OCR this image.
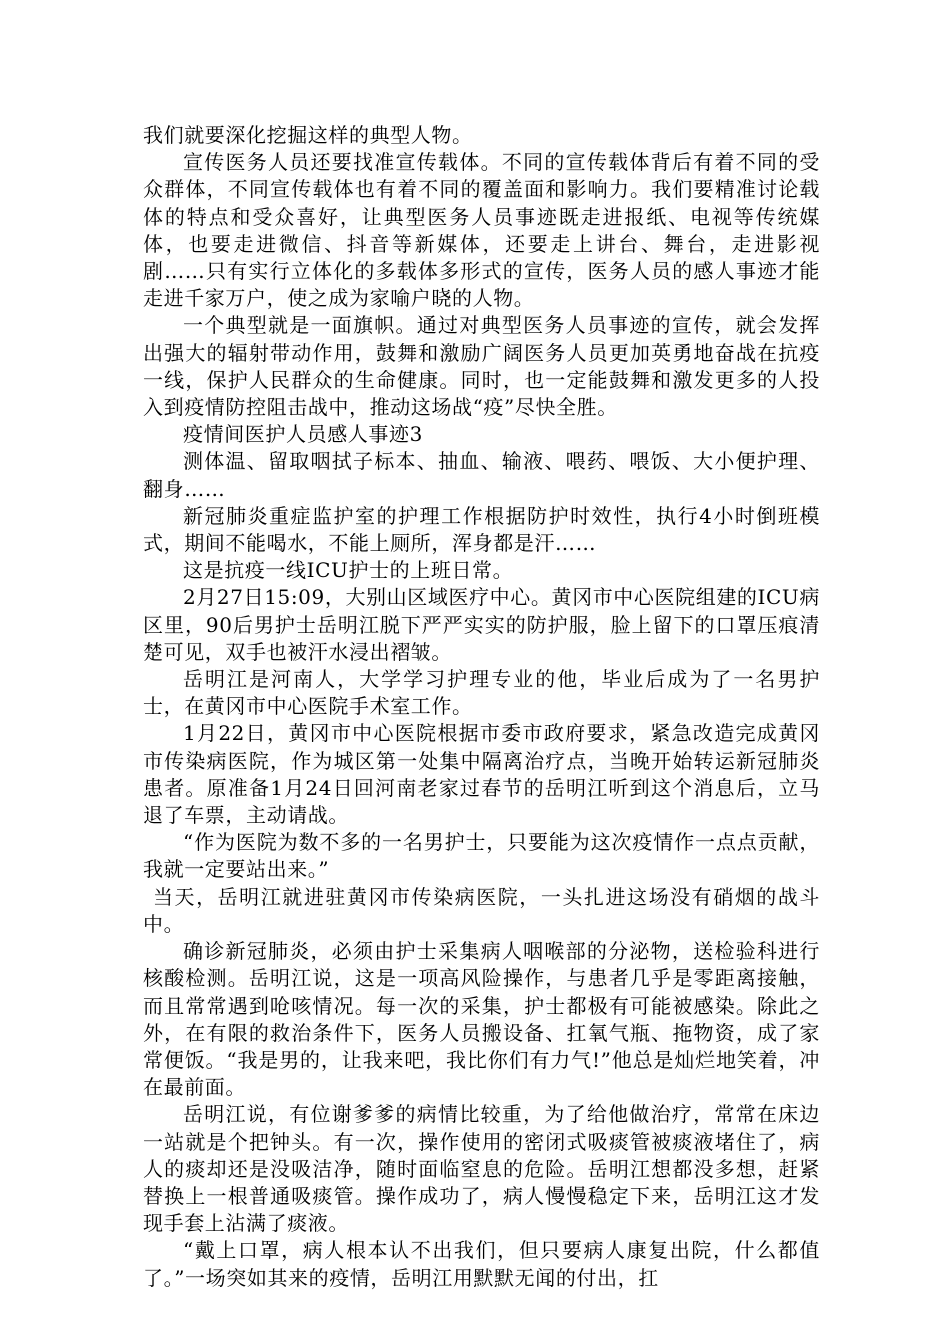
我们就要深化挖掘这样的典型人物。

宣传医务人员还要找准宣传载体。不同的宣传载体背后有着不同的受众群体，不同宣传载体也有着不同的覆盖面和影响力。我们要精准讨论载体的特点和受众喜好，让典型医务人员事迹既走进报纸、电视等传统媒体，也要走进微信、抖音等新媒体，还要走上讲台、舞台，走进影视剧……只有实行立体化的多载体多形式的宣传，医务人员的感人事迹才能走进千家万户，使之成为家喻户晓的人物。

一个典型就是一面旗帜。通过对典型医务人员事迹的宣传，就会发挥出强大的辐射带动作用，鼓舞和激励广阔医务人员更加英勇地奋战在抗疫一线，保护人民群众的生命健康。同时，也一定能鼓舞和激发更多的人投入到疫情防控阻击战中，推动这场战“疫”尽快全胜。

疫情间医护人员感人事迹3

测体温、留取咽拭子标本、抽血、输液、喂药、喂饭、大小便护理、翻身……

新冠肺炎重症监护室的护理工作根据防护时效性，执行4小时倒班模式，期间不能喝水，不能上厕所，浑身都是汗……

这是抗疫一线ICU护士的上班日常。

2月27日15:09，大别山区域医疗中心。黄冈市中心医院组建的ICU病区里，90后男护士岳明江脱下严严实实的防护服，脸上留下的口罩压痕清楚可见，双手也被汗水浸出褶皱。

岳明江是河南人，大学学习护理专业的他，毕业后成为了一名男护士，在黄冈市中心医院手术室工作。

1月22日，黄冈市中心医院根据市委市政府要求，紧急改造完成黄冈市传染病医院，作为城区第一处集中隔离治疗点，当晚开始转运新冠肺炎患者。原准备1月24日回河南老家过春节的岳明江听到这个消息后，立马退了车票，主动请战。

“作为医院为数不多的一名男护士，只要能为这次疫情作一点点贡献，我就一定要站出来。”

当天，岳明江就进驻黄冈市传染病医院，一头扎进这场没有硝烟的战斗中。

确诊新冠肺炎，必须由护士采集病人咽喉部的分泌物，送检验科进行核酸检测。岳明江说，这是一项高风险操作，与患者几乎是零距离接触，而且常常遇到呛咳情况。每一次的采集，护士都极有可能被感染。除此之外，在有限的救治条件下，医务人员搬设备、扛氧气瓶、拖物资，成了家常便饭。“我是男的，让我来吧，我比你们有力气!”他总是灿烂地笑着，冲在最前面。

岳明江说，有位谢爹爹的病情比较重，为了给他做治疗，常常在床边一站就是个把钟头。有一次，操作使用的密闭式吸痰管被痰液堵住了，病人的痰却还是没吸洁净，随时面临窒息的危险。岳明江想都没多想，赶紧替换上一根普通吸痰管。操作成功了，病人慢慢稳定下来，岳明江这才发现手套上沾满了痰液。

“戴上口罩，病人根本认不出我们，但只要病人康复出院，什么都值了。”一场突如其来的疫情，岳明江用默默无闻的付出，扛
